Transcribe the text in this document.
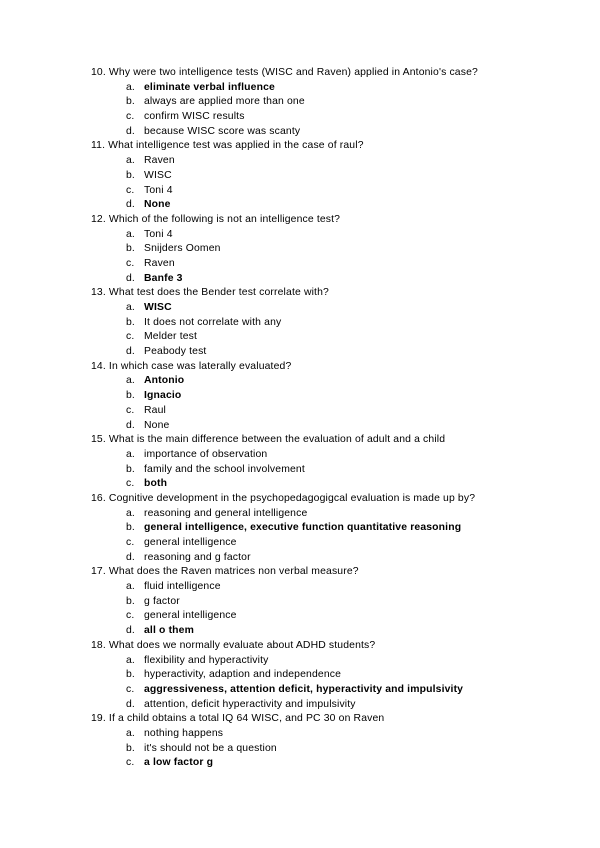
10. Why were two intelligence tests (WISC and Raven) applied in Antonio's case?
a. eliminate verbal influence
b. always are applied more than one
c. confirm WISC results
d. because WISC score was scanty
11. What intelligence test was applied in the case of raul?
a. Raven
b. WISC
c. Toni 4
d. None
12. Which of the following is not an intelligence test?
a. Toni 4
b. Snijders Oomen
c. Raven
d. Banfe 3
13. What test does the Bender test correlate with?
a. WISC
b. It does not correlate with any
c. Melder test
d. Peabody test
14. In which case was laterally evaluated?
a. Antonio
b. Ignacio
c. Raul
d. None
15. What is the main difference between the evaluation of adult and a child
a. importance of observation
b. family and the school involvement
c. both
16. Cognitive development in the psychopedagogigcal evaluation is made up by?
a. reasoning and general intelligence
b. general intelligence, executive function quantitative reasoning
c. general intelligence
d. reasoning and g factor
17. What does the Raven matrices non verbal measure?
a. fluid intelligence
b. g factor
c. general intelligence
d. all o them
18. What does we normally evaluate about ADHD students?
a. flexibility and hyperactivity
b. hyperactivity, adaption and independence
c. aggressiveness, attention deficit, hyperactivity and impulsivity
d. attention, deficit hyperactivity and impulsivity
19. If a child obtains a total IQ 64 WISC, and PC 30 on Raven
a. nothing happens
b. it's should not be a question
c. a low factor g
